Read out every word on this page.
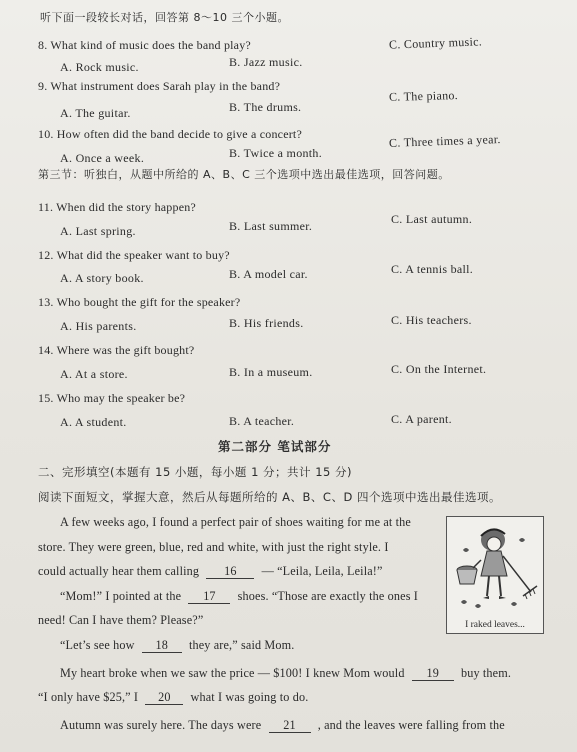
听下面一段较长对话，回答第 8～10 三个小题。
8. What kind of music does the band play?
A. Rock music.	B. Jazz music.
C. Country music.
9. What instrument does Sarah play in the band?
A. The guitar.	B. The drums.
C. The piano.
10. How often did the band decide to give a concert?
A. Once a week.	B. Twice a month.
C. Three times a year.
第三节：听独白，从题中所给的 A、B、C 三个选项中选出最佳选项，回答问题。
11. When did the story happen?
A. Last spring.	B. Last summer.	C. Last autumn.
12. What did the speaker want to buy?
A. A story book.	B. A model car.	C. A tennis ball.
13. Who bought the gift for the speaker?
A. His parents.	B. His friends.	C. His teachers.
14. Where was the gift bought?
A. At a store.	B. In a museum.	C. On the Internet.
15. Who may the speaker be?
A. A student.	B. A teacher.	C. A parent.
第二部分 笔试部分
二、完形填空(本题有 15 小题，每小题 1 分；共计 15 分)
阅读下面短文，掌握大意，然后从每题所给的 A、B、C、D 四个选项中选出最佳选项。
A few weeks ago, I found a perfect pair of shoes waiting for me at the
store. They were green, blue, red and white, with just the right style. I
could actually hear them calling 16 — “Leila, Leila, Leila!”
“Mom!” I pointed at the 17 shoes. “Those are exactly the ones I
need! Can I have them? Please?”
“Let’s see how 18 they are,” said Mom.
My heart broke when we saw the price — $100! I knew Mom would 19 buy them.
“I only have $25,” I 20 what I was going to do.
Autumn was surely here. The days were 21 , and the leaves were falling from the
I raked leaves...
